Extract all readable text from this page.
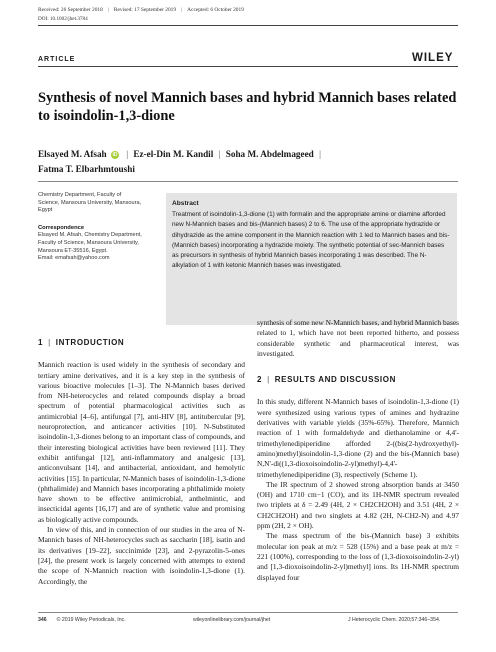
Received: 26 September 2018 | Revised: 17 September 2019 | Accepted: 6 October 2019
DOI: 10.1002/jhet.3784
ARTICLE	WILEY
Synthesis of novel Mannich bases and hybrid Mannich bases related to isoindolin-1,3-dione
Elsayed M. Afsah iD | Ez-el-Din M. Kandil | Soha M. Abdelmageed |
Fatma T. Elbarhmtoushi
Chemistry Department, Faculty of
Science, Mansoura University, Mansoura,
Egypt
Correspondence
Elsayed M. Afsah, Chemistry Department,
Faculty of Science, Mansoura University,
Mansoura ET-35516, Egypt.
Email: emafsah@yahoo.com
Abstract
Treatment of isoindolin-1,3-dione (1) with formalin and the appropriate amine or diamine afforded new N-Mannich bases and bis-(Mannich bases) 2 to 6. The use of the appropriate hydrazide or dihydrazide as the amine component in the Mannich reaction with 1 led to Mannich bases and bis-(Mannich bases) incorporating a hydrazide moiety. The synthetic potential of sec-Mannich bases as precursors in synthesis of hybrid Mannich bases incorporating 1 was described. The N-alkylation of 1 with ketonic Mannich bases was investigated.
1 | INTRODUCTION

Mannich reaction is used widely in the synthesis of secondary and tertiary amine derivatives, and it is a key step in the synthesis of various bioactive molecules [1–3]. The N-Mannich bases derived from NH-heterocycles and related compounds display a broad spectrum of potential pharmacological activities such as antimicrobial [4–6], antifungal [7], anti-HIV [8], antitubercular [9], neuroprotection, and anticancer activities [10]. N-Substituted isoindolin-1,3-diones belong to an important class of compounds, and their interesting biological activities have been reviewed [11]. They exhibit antifungal [12], anti-inflammatory and analgesic [13], anticonvulsant [14], and antibacterial, antioxidant, and hemolytic activities [15]. In particular, N-Mannich bases of isoindolin-1,3-dione (phthalimide) and Mannich bases incorporating a phthalimide moiety have shown to be effective antimicrobial, anthelmintic, and insecticidal agents [16,17] and are of synthetic value and promising as biologically active compounds.

In view of this, and in connection of our studies in the area of N-Mannich bases of NH-heterocycles such as saccharin [18], isatin and its derivatives [19–22], succinimide [23], and 2-pyrazolin-5-ones [24], the present work is largely concerned with attempts to extend the scope of N-Mannich reaction with isoindolin-1,3-dione (1). Accordingly, the

synthesis of some new N-Mannich bases, and hybrid Mannich bases related to 1, which have not been reported hitherto, and possess considerable synthetic and pharmaceutical interest, was investigated.

2 | RESULTS AND DISCUSSION

In this study, different N-Mannich bases of isoindolin-1,3-dione (1) were synthesized using various types of amines and hydrazine derivatives with variable yields (35%-65%). Therefore, Mannich reaction of 1 with formaldehyde and diethanolamine or 4,4'-trimethylenedipiperidine afforded 2-((bis(2-hydroxyethyl)-amino)methyl)isoindolin-1,3-dione (2) and the bis-(Mannich base) N,N'-di((1,3-dioxoisoindolin-2-yl)methyl)-4,4'-trimethylenedipiperidine (3), respectively (Scheme 1).

The IR spectrum of 2 showed strong absorption bands at 3450 (OH) and 1710 cm−1 (CO), and its 1H-NMR spectrum revealed two triplets at δ = 2.49 (4H, 2 × CH2CH2OH) and 3.51 (4H, 2 × CH2CH2OH) and two singlets at 4.82 (2H, N-CH2-N) and 4.97 ppm (2H, 2 × OH).

The mass spectrum of the bis-(Mannich base) 3 exhibits molecular ion peak at m/z = 528 (15%) and a base peak at m/z = 221 (100%), corresponding to the loss of (1,3-dioxoisoindolin-2-yl) and [1,3-dioxoisoindolin-2-yl)methyl] ions. Its 1H-NMR spectrum displayed four

346 © 2019 Wiley Periodicals, Inc.	wileyonlinelibrary.com/journal/jhet	J Heterocyclic Chem. 2020;57:346–354.
